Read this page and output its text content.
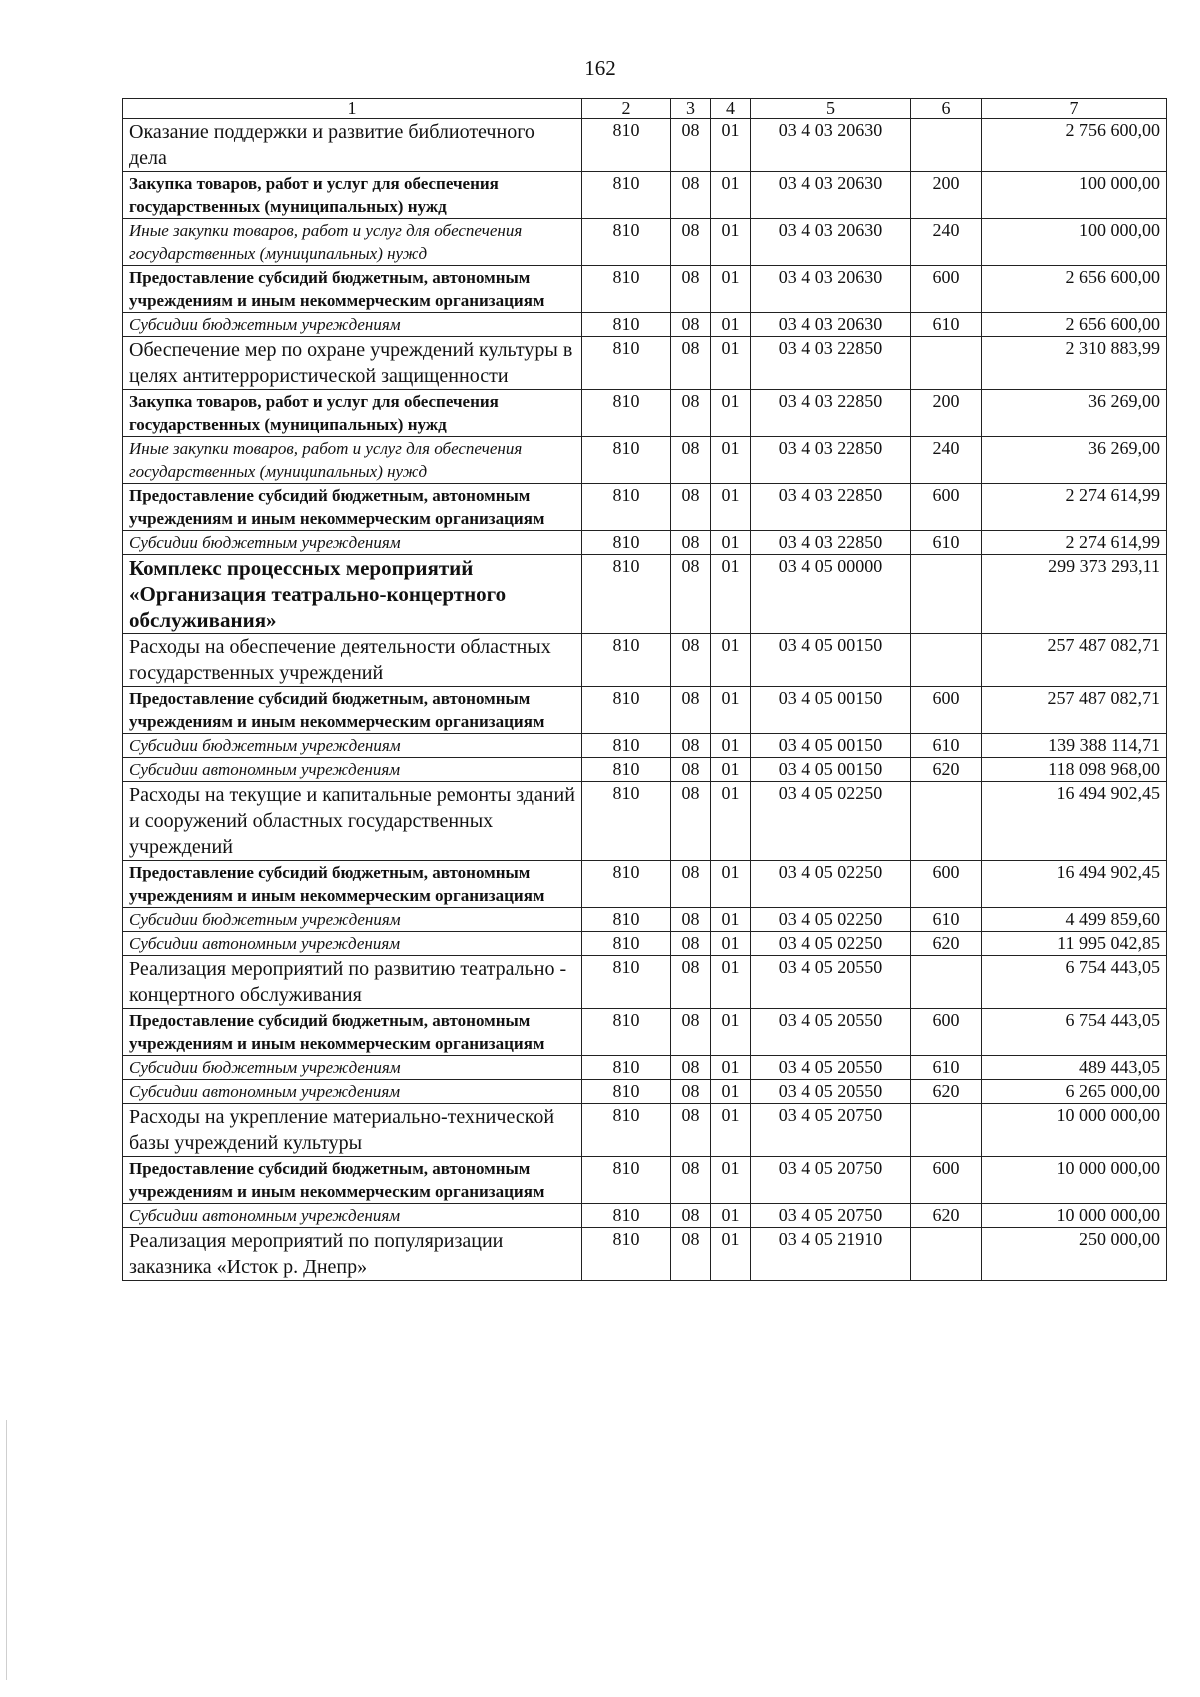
162
1	2	3	4	5	6	7
Оказание поддержки и развитие библиотечного дела	810	08	01	03 4 03 20630		2 756 600,00
Закупка товаров, работ и услуг для обеспечения государственных (муниципальных) нужд	810	08	01	03 4 03 20630	200	100 000,00
Иные закупки товаров, работ и услуг для обеспечения государственных (муниципальных) нужд	810	08	01	03 4 03 20630	240	100 000,00
Предоставление субсидий бюджетным, автономным учреждениям и иным некоммерческим организациям	810	08	01	03 4 03 20630	600	2 656 600,00
Субсидии бюджетным учреждениям	810	08	01	03 4 03 20630	610	2 656 600,00
Обеспечение мер по охране учреждений культуры в целях антитеррористической защищенности	810	08	01	03 4 03 22850		2 310 883,99
Закупка товаров, работ и услуг для обеспечения государственных (муниципальных) нужд	810	08	01	03 4 03 22850	200	36 269,00
Иные закупки товаров, работ и услуг для обеспечения государственных (муниципальных) нужд	810	08	01	03 4 03 22850	240	36 269,00
Предоставление субсидий бюджетным, автономным учреждениям и иным некоммерческим организациям	810	08	01	03 4 03 22850	600	2 274 614,99
Субсидии бюджетным учреждениям	810	08	01	03 4 03 22850	610	2 274 614,99
Комплекс процессных мероприятий «Организация театрально-концертного обслуживания»	810	08	01	03 4 05 00000		299 373 293,11
Расходы на обеспечение деятельности областных государственных учреждений	810	08	01	03 4 05 00150		257 487 082,71
Предоставление субсидий бюджетным, автономным учреждениям и иным некоммерческим организациям	810	08	01	03 4 05 00150	600	257 487 082,71
Субсидии бюджетным учреждениям	810	08	01	03 4 05 00150	610	139 388 114,71
Субсидии автономным учреждениям	810	08	01	03 4 05 00150	620	118 098 968,00
Расходы на текущие и капитальные ремонты зданий и сооружений областных государственных учреждений	810	08	01	03 4 05 02250		16 494 902,45
Предоставление субсидий бюджетным, автономным учреждениям и иным некоммерческим организациям	810	08	01	03 4 05 02250	600	16 494 902,45
Субсидии бюджетным учреждениям	810	08	01	03 4 05 02250	610	4 499 859,60
Субсидии автономным учреждениям	810	08	01	03 4 05 02250	620	11 995 042,85
Реализация мероприятий по развитию театрально - концертного обслуживания	810	08	01	03 4 05 20550		6 754 443,05
Предоставление субсидий бюджетным, автономным учреждениям и иным некоммерческим организациям	810	08	01	03 4 05 20550	600	6 754 443,05
Субсидии бюджетным учреждениям	810	08	01	03 4 05 20550	610	489 443,05
Субсидии автономным учреждениям	810	08	01	03 4 05 20550	620	6 265 000,00
Расходы на укрепление материально-технической базы учреждений культуры	810	08	01	03 4 05 20750		10 000 000,00
Предоставление субсидий бюджетным, автономным учреждениям и иным некоммерческим организациям	810	08	01	03 4 05 20750	600	10 000 000,00
Субсидии автономным учреждениям	810	08	01	03 4 05 20750	620	10 000 000,00
Реализация мероприятий по популяризации заказника «Исток р. Днепр»	810	08	01	03 4 05 21910		250 000,00
